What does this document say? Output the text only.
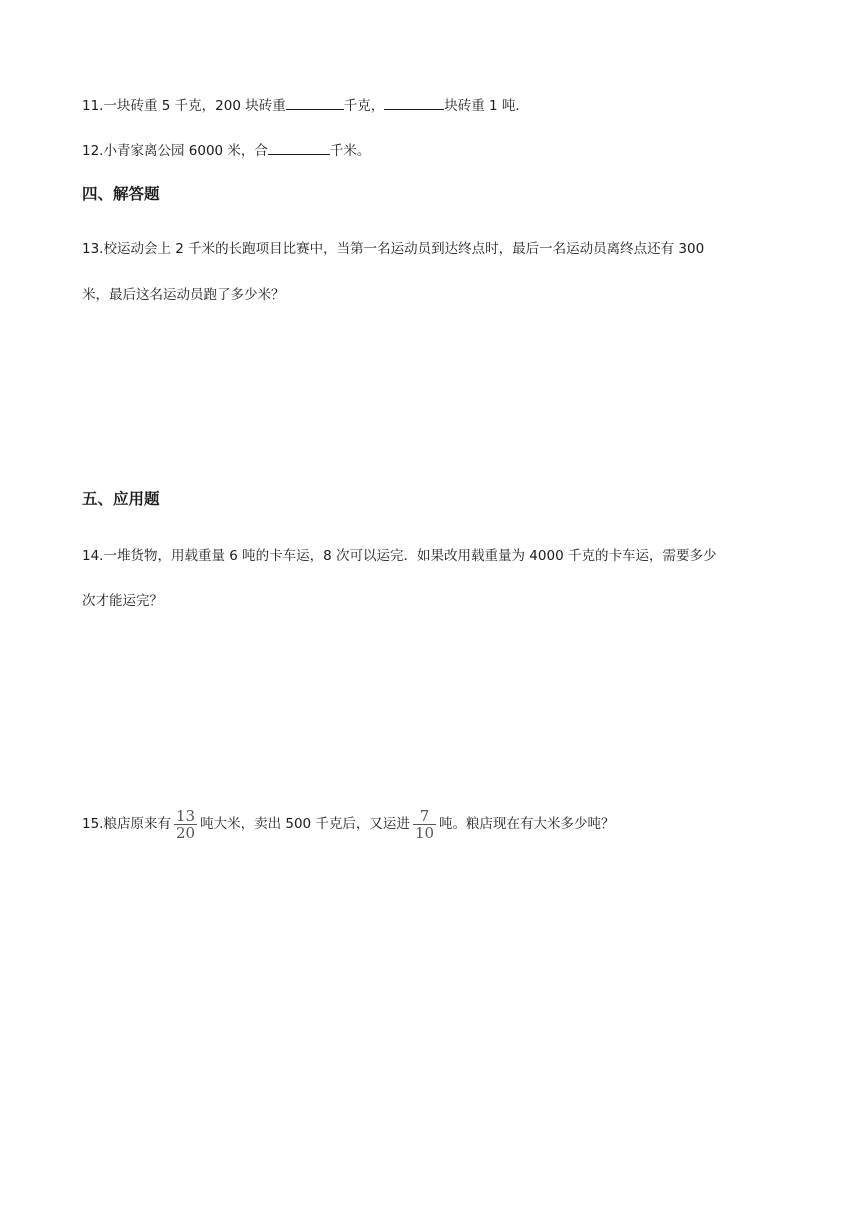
11.一块砖重 5 千克，200 块砖重	千克，	块砖重 1 吨．
12.小青家离公园 6000 米，合	千米。
四、解答题
13.校运动会上 2 千米的长跑项目比赛中，当第一名运动员到达终点时，最后一名运动员离终点还有 300
米，最后这名运动员跑了多少米？
五、应用题
14.一堆货物，用载重量 6 吨的卡车运，8 次可以运完．如果改用载重量为 4000 千克的卡车运，需要多少
次才能运完？
15.粮店原来有 $\frac{13}{20}$ 吨大米，卖出 500 千克后，又运进 $\frac{7}{10}$ 吨。粮店现在有大米多少吨？
